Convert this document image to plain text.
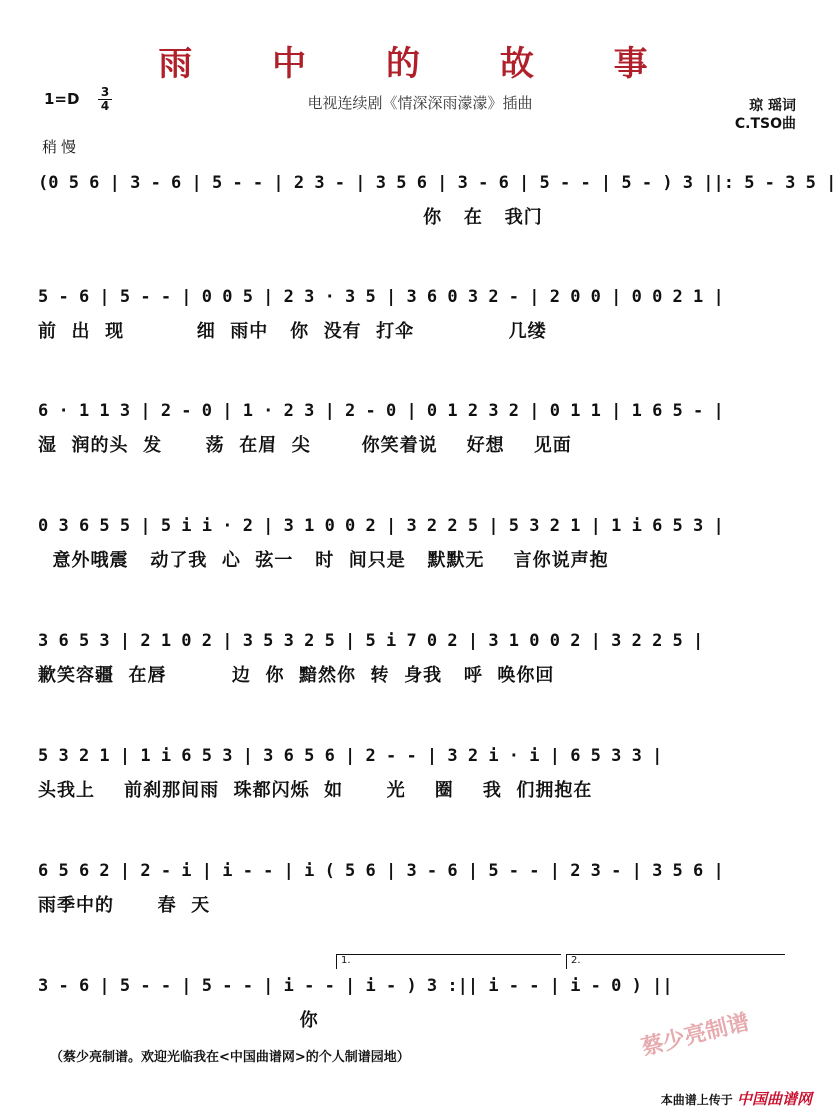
雨 中 的 故 事
$1=D \frac{3}{4}$	电视连续剧《情深深雨濛濛》插曲	琼 瑶词
C.TSO曲
稍慢
(0 5 6 | 3 - 6 | 5 - - | 2 3 - | 3 5 6 | 3 - 6 | 5 - - | 5 - ) 3 ||: 5 - 3 5 |
你   在   我门
5 - 6 | 5 - - | 0 0 5 | 2 3 · 3 5 | 3 6 0 3 2 - | 2 0 0 | 0 0 2 1 |
前  出  现          细  雨中   你  没有  打伞             几缕
6 · 1 1 3 | 2 - 0 | 1 · 2 3 | 2 - 0 | 0 1 2 3 2 | 0 1 1 | 1 6 5 - |
湿  润的头  发      荡  在眉  尖       你笑着说    好想    见面
0 3 6 5 5 | 5 i i · 2 | 3 1 0 0 2 | 3 2 2 5 | 5 3 2 1 | 1 i 6 5 3 |
意外哦震   动了我  心  弦一   时  间只是   默默无    言你说声抱
3 6 5 3 | 2 1 0 2 | 3 5 3 2 5 | 5 i 7 0 2 | 3 1 0 0 2 | 3 2 2 5 |
歉笑容疆  在唇         边  你  黯然你  转  身我   呼  唤你回
5 3 2 1 | 1 i 6 5 3 | 3 6 5 6 | 2 - - | 3 2 i · i | 6 5 3 3 |
头我上    前刹那间雨  珠都闪烁  如      光    圈    我  们拥抱在
6 5 6 2 | 2 - i | i - - | i ( 5 6 | 3 - 6 | 5 - - | 2 3 - | 3 5 6 |
雨季中的      春  天
1.	2.
3 - 6 | 5 - - | 5 - - | i - - | i - ) 3 :|| i - - | i - 0 ) ||
你	蔡少亮制谱
（蔡少亮制谱。欢迎光临我在<中国曲谱网>的个人制谱园地）
本曲谱上传于 中国曲谱网
